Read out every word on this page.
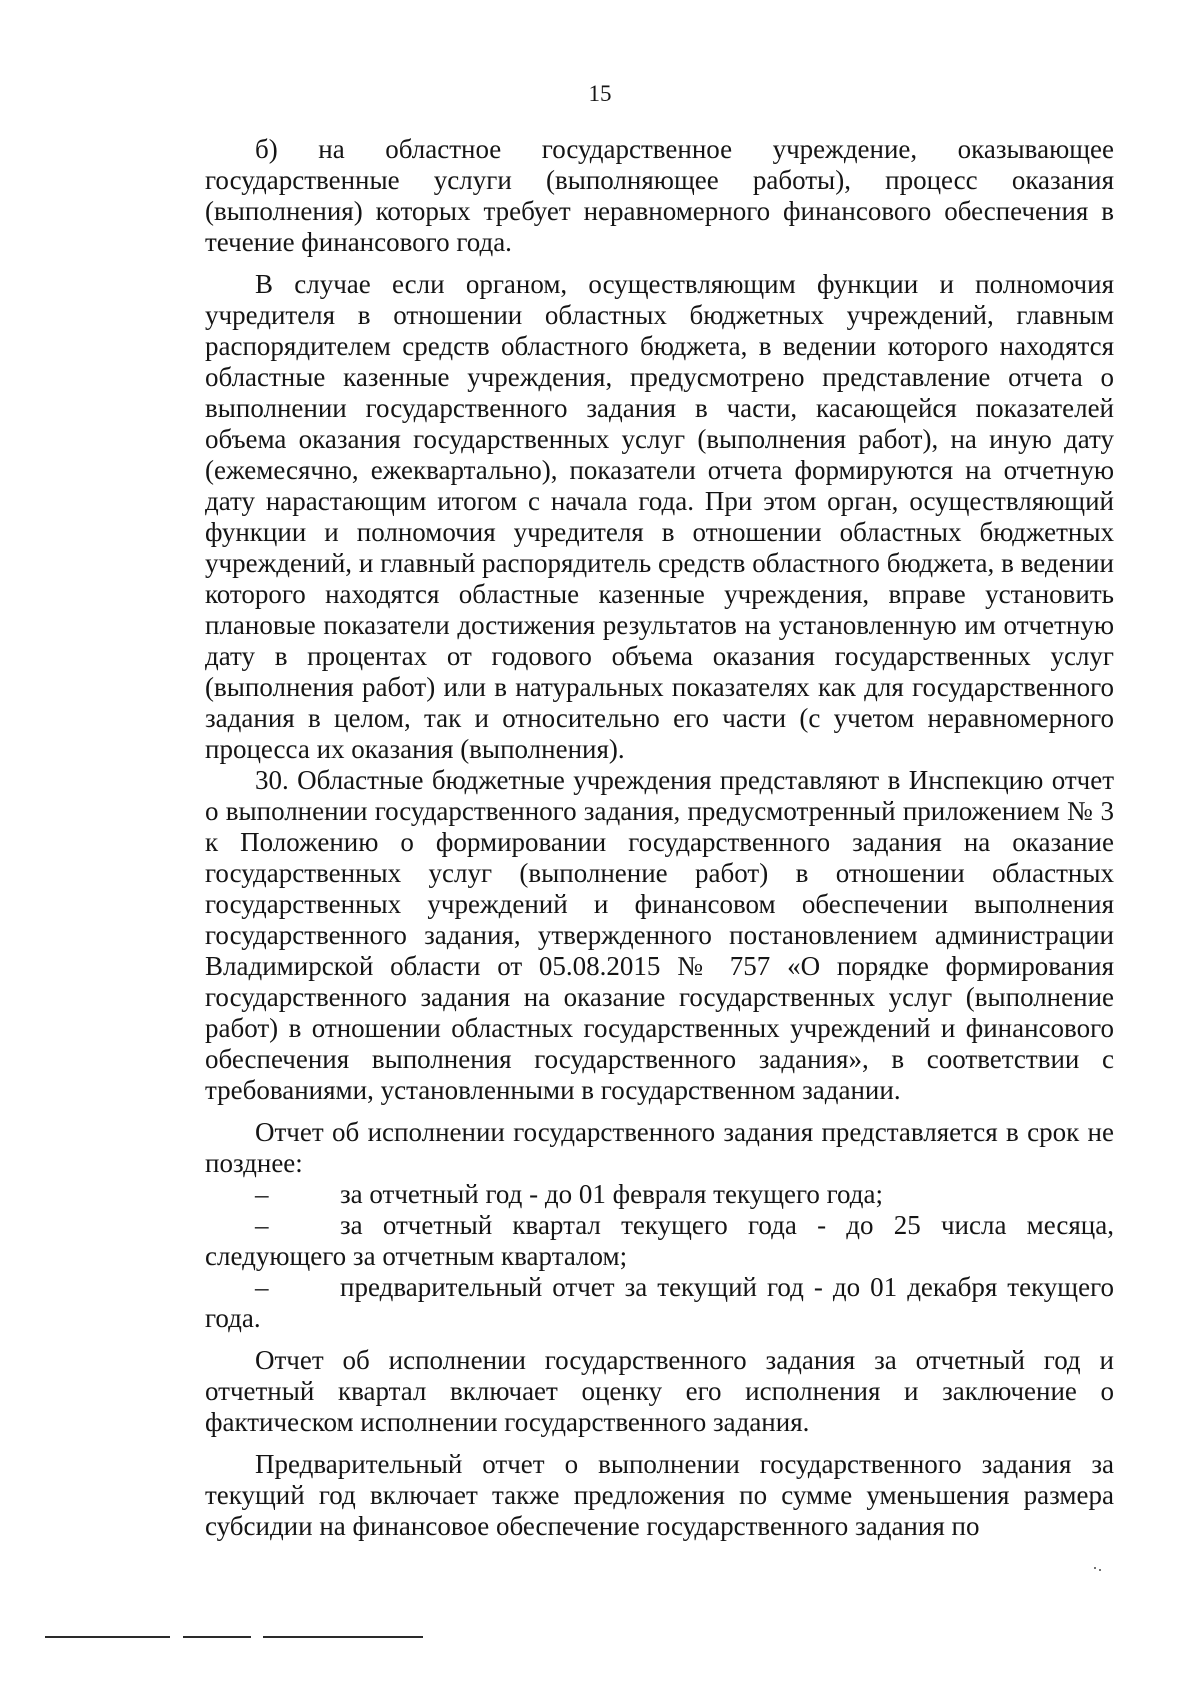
15

б) на областное государственное учреждение, оказывающее государственные услуги (выполняющее работы), процесс оказания (выполнения) которых требует неравномерного финансового обеспечения в течение финансового года.

В случае если органом, осуществляющим функции и полномочия учредителя в отношении областных бюджетных учреждений, главным распорядителем средств областного бюджета, в ведении которого находятся областные казенные учреждения, предусмотрено представление отчета о выполнении государственного задания в части, касающейся показателей объема оказания государственных услуг (выполнения работ), на иную дату (ежемесячно, ежеквартально), показатели отчета формируются на отчетную дату нарастающим итогом с начала года. При этом орган, осуществляющий функции и полномочия учредителя в отношении областных бюджетных учреждений, и главный распорядитель средств областного бюджета, в ведении которого находятся областные казенные учреждения, вправе установить плановые показатели достижения результатов на установленную им отчетную дату в процентах от годового объема оказания государственных услуг (выполнения работ) или в натуральных показателях как для государственного задания в целом, так и относительно его части (с учетом неравномерного процесса их оказания (выполнения).

30. Областные бюджетные учреждения представляют в Инспекцию отчет о выполнении государственного задания, предусмотренный приложением № 3 к Положению о формировании государственного задания на оказание государственных услуг (выполнение работ) в отношении областных государственных учреждений и финансовом обеспечении выполнения государственного задания, утвержденного постановлением администрации Владимирской области от 05.08.2015 № 757 «О порядке формирования государственного задания на оказание государственных услуг (выполнение работ) в отношении областных государственных учреждений и финансового обеспечения выполнения государственного задания», в соответствии с требованиями, установленными в государственном задании.

Отчет об исполнении государственного задания представляется в срок не позднее:

–	за отчетный год - до 01 февраля текущего года;

–	за отчетный квартал текущего года - до 25 числа месяца, следующего за отчетным кварталом;

–	предварительный отчет за текущий год - до 01 декабря текущего года.

Отчет об исполнении государственного задания за отчетный год и отчетный квартал включает оценку его исполнения и заключение о фактическом исполнении государственного задания.

Предварительный отчет о выполнении государственного задания за текущий год включает также предложения по сумме уменьшения размера субсидии на финансовое обеспечение государственного задания по
